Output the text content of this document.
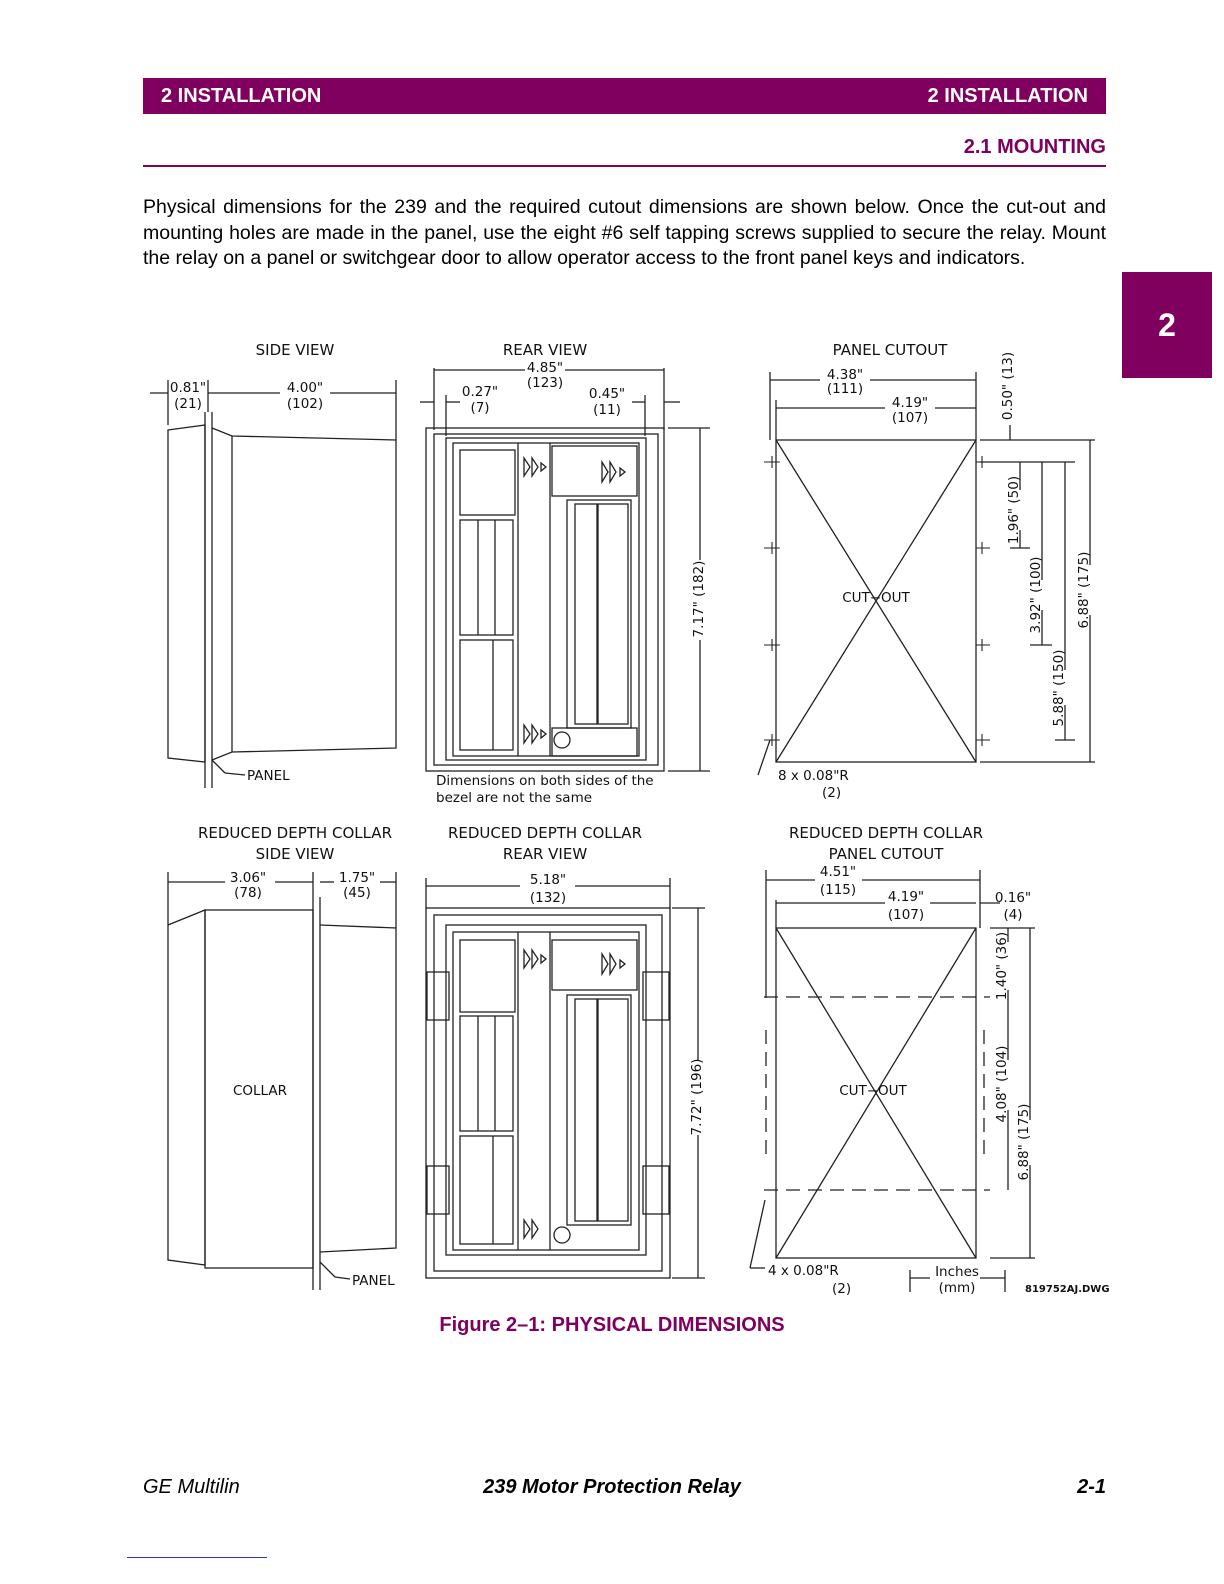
2 INSTALLATION	2 INSTALLATION
2.1 MOUNTING
2
Physical dimensions for the 239 and the required cutout dimensions are shown below. Once the cut-out and mounting holes are made in the panel, use the eight #6 self tapping screws supplied to secure the relay. Mount the relay on a panel or switchgear door to allow operator access to the front panel keys and indicators.
SIDE VIEW	REAR VIEW	PANEL CUTOUT
REDUCED DEPTH COLLAR
SIDE VIEW
REDUCED DEPTH COLLAR
REAR VIEW
REDUCED DEPTH COLLAR
PANEL CUTOUT
0.81"
(21)
4.00"
(102)
4.85"
(123)
0.27"
(7)
0.45"
(11)
4.38"
(111)
4.19"
(107)
3.06"
(78)
1.75"
(45)
5.18"
(132)
4.51"
(115) 4.19"
(107)
0.16"
(4)
CUT−OUT
CUT−OUT
COLLAR
Inches
(mm)
PANEL
PANEL
Dimensions on both sides of the
bezel are not the same
8 x 0.08"R
(2)
4 x 0.08"R
(2)	819752AJ.DWG
7.17" (182)
0.50" (13)
1.96" (50)
3.92" (100)
5.88" (150)
6.88" (175)
7.72" (196)
1.40" (36)
4.08" (104)
6.88" (175)
Figure 2–1: PHYSICAL DIMENSIONS
GE Multilin	239 Motor Protection Relay	2-1
